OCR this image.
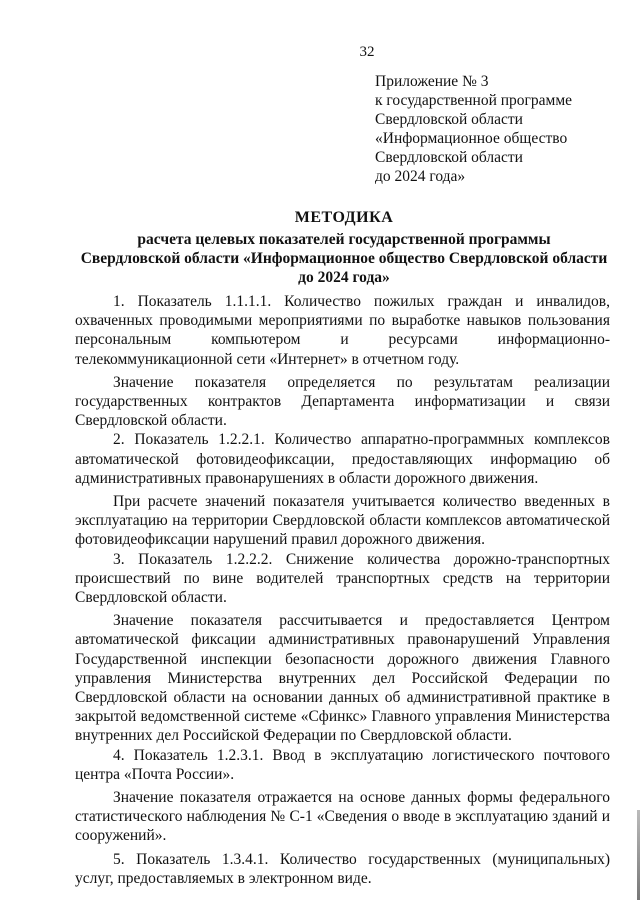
32
Приложение № 3
к государственной программе
Свердловской области
«Информационное общество
Свердловской области
до 2024 года»
МЕТОДИКА
расчета целевых показателей государственной программы
Свердловской области «Информационное общество Свердловской области
до 2024 года»

1. Показатель 1.1.1.1. Количество пожилых граждан и инвалидов, охваченных проводимыми мероприятиями по выработке навыков пользования персональным компьютером и ресурсами информационно-телекоммуникационной сети «Интернет» в отчетном году.

Значение показателя определяется по результатам реализации государственных контрактов Департамента информатизации и связи Свердловской области.

2. Показатель 1.2.2.1. Количество аппаратно-программных комплексов автоматической фотовидеофиксации, предоставляющих информацию об административных правонарушениях в области дорожного движения.

При расчете значений показателя учитывается количество введенных в эксплуатацию на территории Свердловской области комплексов автоматической фотовидеофиксации нарушений правил дорожного движения.

3. Показатель 1.2.2.2. Снижение количества дорожно-транспортных происшествий по вине водителей транспортных средств на территории Свердловской области.

Значение показателя рассчитывается и предоставляется Центром автоматической фиксации административных правонарушений Управления Государственной инспекции безопасности дорожного движения Главного управления Министерства внутренних дел Российской Федерации по Свердловской области на основании данных об административной практике в закрытой ведомственной системе «Сфинкс» Главного управления Министерства внутренних дел Российской Федерации по Свердловской области.

4. Показатель 1.2.3.1. Ввод в эксплуатацию логистического почтового центра «Почта России».

Значение показателя отражается на основе данных формы федерального статистического наблюдения № С-1 «Сведения о вводе в эксплуатацию зданий и сооружений».

5. Показатель 1.3.4.1. Количество государственных (муниципальных) услуг, предоставляемых в электронном виде.
